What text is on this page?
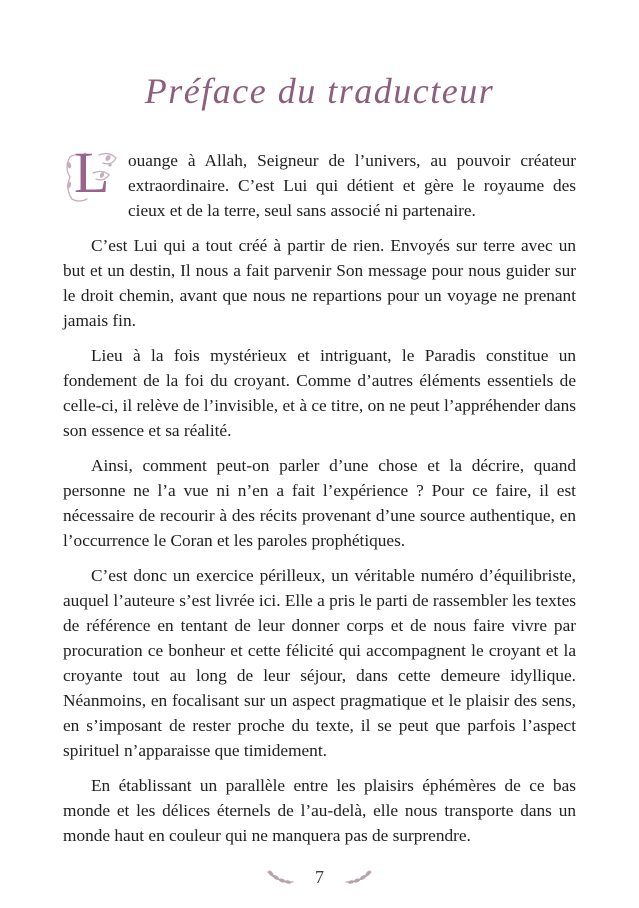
Préface du traducteur

L ouange à Allah, Seigneur de l’univers, au pouvoir créateur extraordinaire. C’est Lui qui détient et gère le royaume des cieux et de la terre, seul sans associé ni partenaire.

C’est Lui qui a tout créé à partir de rien. Envoyés sur terre avec un but et un destin, Il nous a fait parvenir Son message pour nous guider sur le droit chemin, avant que nous ne repartions pour un voyage ne prenant jamais fin.

Lieu à la fois mystérieux et intriguant, le Paradis constitue un fondement de la foi du croyant. Comme d’autres éléments essentiels de celle-ci, il relève de l’invisible, et à ce titre, on ne peut l’appréhender dans son essence et sa réalité.

Ainsi, comment peut-on parler d’une chose et la décrire, quand personne ne l’a vue ni n’en a fait l’expérience ? Pour ce faire, il est nécessaire de recourir à des récits provenant d’une source authentique, en l’occurrence le Coran et les paroles prophétiques.

C’est donc un exercice périlleux, un véritable numéro d’équilibriste, auquel l’auteure s’est livrée ici. Elle a pris le parti de rassembler les textes de référence en tentant de leur donner corps et de nous faire vivre par procuration ce bonheur et cette félicité qui accompagnent le croyant et la croyante tout au long de leur séjour, dans cette demeure idyllique. Néanmoins, en focalisant sur un aspect pragmatique et le plaisir des sens, en s’imposant de rester proche du texte, il se peut que parfois l’aspect spirituel n’apparaisse que timidement.

En établissant un parallèle entre les plaisirs éphémères de ce bas monde et les délices éternels de l’au-delà, elle nous transporte dans un monde haut en couleur qui ne manquera pas de surprendre.

7
